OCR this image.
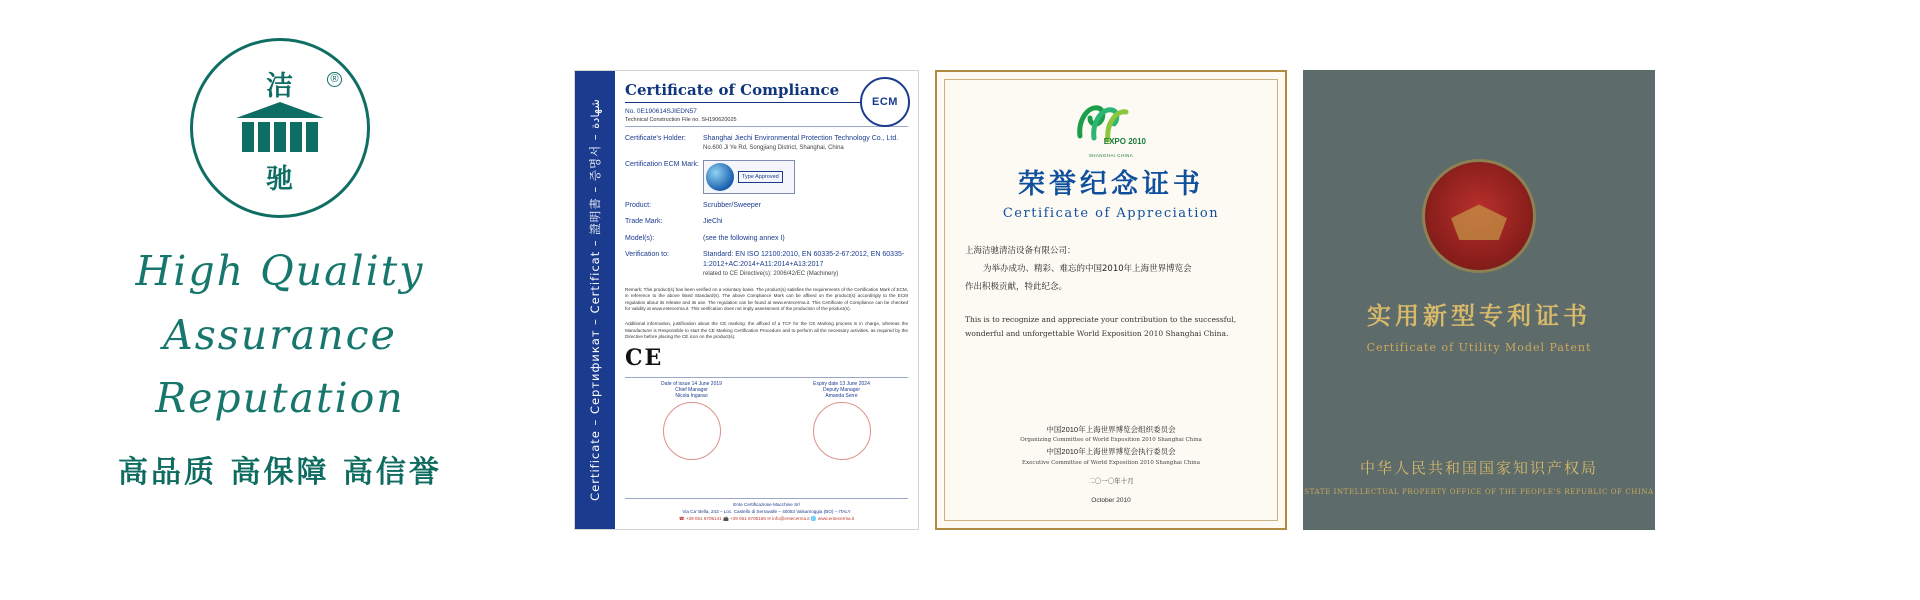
洁	®
驰
High Quality
Assurance
Reputation
高品质 高保障 高信誉	Certificate – Сертификат – Certificat – 證明書 – 증명서 – شهادة	ECM
Certificate of Compliance
No. 0E190614SJIEDN57
Technical Construction File no. SH190620025
Certificate's Holder:	Shanghai Jiechi Environmental Protection Technology Co., Ltd.
No.600 Ji Ye Rd, Songjiang District, Shanghai, China
Certification ECM Mark:
Type Approved
Product:	Scrubber/Sweeper
Trade Mark:	JieChi
Model(s):	(see the following annex I)
Verification to:	Standard: EN ISO 12100:2010, EN 60335-2-67:2012, EN 60335-1:2012+AC:2014+A11:2014+A13:2017
related to CE Directive(s): 2006/42/EC (Machinery)
Remark: This product(s) has been verified on a voluntary basis. The product(s) satisfies the requirements of the Certification Mark of ECM, in reference to the above listed Standard(s). The above Compliance Mark can be affixed on the product(s) accordingly to the ECM regulation about its release and its use. The regulation can be found at www.entecerma.it. This Certificate of Compliance can be checked for validity at www.entecerma.it. This verification does not imply assessment of the production of the product(s).
Additional information, justification about the CE marking: the affixed of a TCF for the CE Marking process is in charge, whereas the Manufacturer is Responsible to start the CE Marking Certification Procedure and to perform all the necessary activities, as required by the Directive before placing the CE icon on the product(s).
CE
Date of issue 14 June 2019
Chief Manager
Nicola Ingarao
Expiry date 13 June 2024
Deputy Manager
Amanda Serre
Ente Certificazione Macchine Srl
Via Ca' Bella, 243 – Loc. Castello di Serravalle – 40053 Valsamoggia (BO) – ITALY
☎ +39 051 6705141 📠 +39 051 6705156 ✉ info@entecerma.it 🌐 www.entecerma.it
EXPO 2010
SHANGHAI CHINA
荣誉纪念证书
Certificate of Appreciation
上海洁驰清洁设备有限公司：
为举办成功、精彩、难忘的中国2010年上海世界博览会
作出积极贡献，特此纪念。
This is to recognize and appreciate your contribution to the successful,
wonderful and unforgettable World Exposition 2010 Shanghai China.
中国2010年上海世界博览会组织委员会
Organizing Committee of World Exposition 2010 Shanghai China
中国2010年上海世界博览会执行委员会
Executive Committee of World Exposition 2010 Shanghai China
二〇一〇年十月
October 2010
实用新型专利证书
Certificate of Utility Model Patent
中华人民共和国国家知识产权局
STATE INTELLECTUAL PROPERTY OFFICE OF THE PEOPLE'S REPUBLIC OF CHINA
